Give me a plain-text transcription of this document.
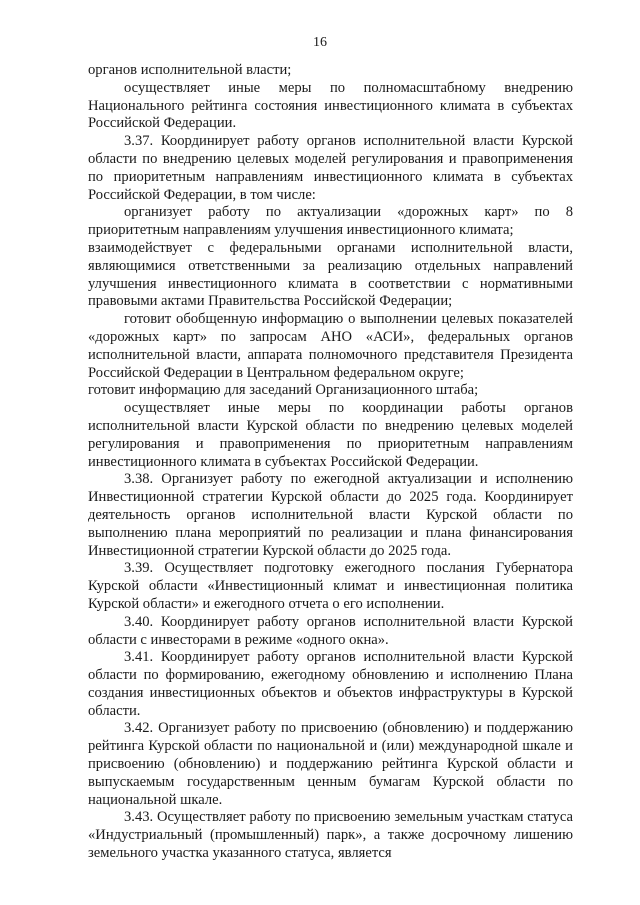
16

органов исполнительной власти;

осуществляет иные меры по полномасштабному внедрению Национального рейтинга состояния инвестиционного климата в субъектах Российской Федерации.

3.37. Координирует работу органов исполнительной власти Курской области по внедрению целевых моделей регулирования и правоприменения по приоритетным направлениям инвестиционного климата в субъектах Российской Федерации, в том числе:

организует работу по актуализации «дорожных карт» по 8 приоритетным направлениям улучшения инвестиционного климата;

взаимодействует с федеральными органами исполнительной власти, являющимися ответственными за реализацию отдельных направлений улучшения инвестиционного климата в соответствии с нормативными правовыми актами Правительства Российской Федерации;

готовит обобщенную информацию о выполнении целевых показателей «дорожных карт» по запросам АНО «АСИ», федеральных органов исполнительной власти, аппарата полномочного представителя Президента Российской Федерации в Центральном федеральном округе;

готовит информацию для заседаний Организационного штаба;

осуществляет иные меры по координации работы органов исполнительной власти Курской области по внедрению целевых моделей регулирования и правоприменения по приоритетным направлениям инвестиционного климата в субъектах Российской Федерации.

3.38. Организует работу по ежегодной актуализации и исполнению Инвестиционной стратегии Курской области до 2025 года. Координирует деятельность органов исполнительной власти Курской области по выполнению плана мероприятий по реализации и плана финансирования Инвестиционной стратегии Курской области до 2025 года.

3.39. Осуществляет подготовку ежегодного послания Губернатора Курской области «Инвестиционный климат и инвестиционная политика Курской области» и ежегодного отчета о его исполнении.

3.40. Координирует работу органов исполнительной власти Курской области с инвесторами в режиме «одного окна».

3.41. Координирует работу органов исполнительной власти Курской области по формированию, ежегодному обновлению и исполнению Плана создания инвестиционных объектов и объектов инфраструктуры в Курской области.

3.42. Организует работу по присвоению (обновлению) и поддержанию рейтинга Курской области по национальной и (или) международной шкале и присвоению (обновлению) и поддержанию рейтинга Курской области и выпускаемым государственным ценным бумагам Курской области по национальной шкале.

3.43. Осуществляет работу по присвоению земельным участкам статуса «Индустриальный (промышленный) парк», а также досрочному лишению земельного участка указанного статуса, является
